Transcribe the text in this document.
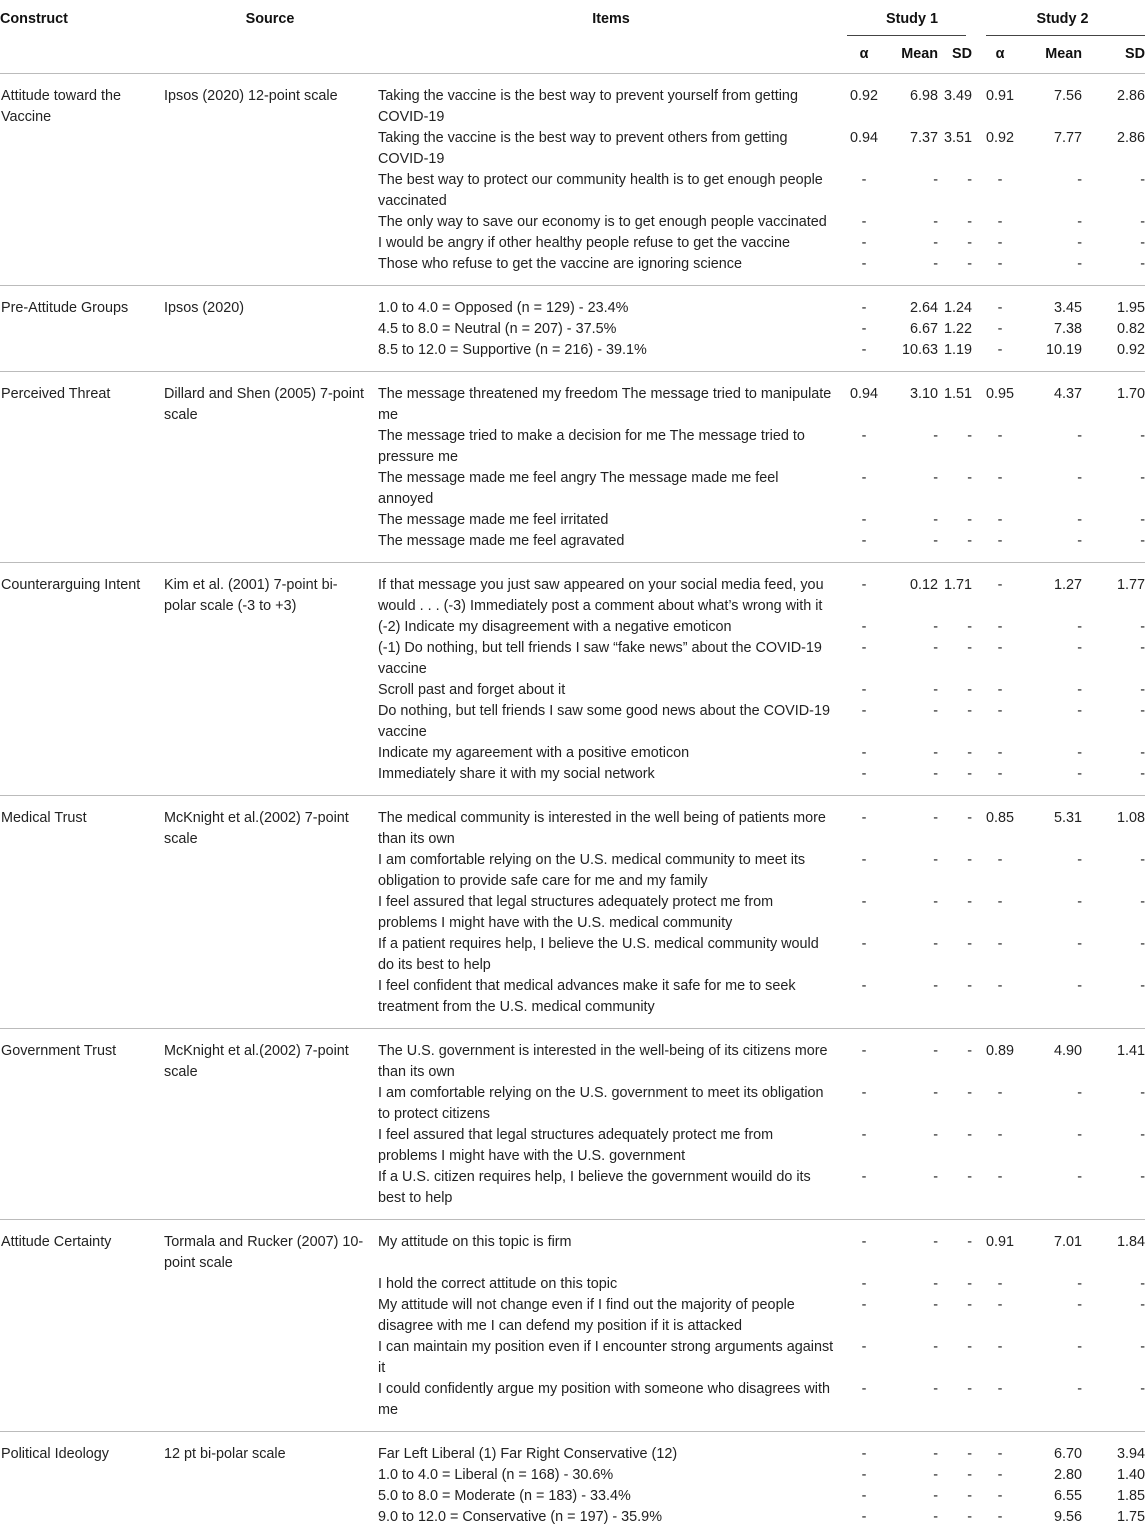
Construct	Source	Items	Study 1			Study 2		

			α	Mean	SD	α	Mean	SD
Attitude toward the Vaccine	Ipsos (2020) 12-point scale	Taking the vaccine is the best way to prevent yourself from getting COVID-19	0.92	6.98	3.49	0.91	7.56	2.86
		Taking the vaccine is the best way to prevent others from getting COVID-19	0.94	7.37	3.51	0.92	7.77	2.86
		The best way to protect our community health is to get enough people vaccinated	-	-	-	-	-	-
		The only way to save our economy is to get enough people vaccinated	-	-	-	-	-	-
		I would be angry if other healthy people refuse to get the vaccine	-	-	-	-	-	-
		Those who refuse to get the vaccine are ignoring science	-	-	-	-	-	-
Pre-Attitude Groups	Ipsos (2020)	1.0 to 4.0 = Opposed (n = 129) - 23.4%	-	2.64	1.24	-	3.45	1.95
		4.5 to 8.0 = Neutral (n = 207) - 37.5%	-	6.67	1.22	-	7.38	0.82
		8.5 to 12.0 = Supportive (n = 216) - 39.1%	-	10.63	1.19	-	10.19	0.92
Perceived Threat	Dillard and Shen (2005) 7-point scale	The message threatened my freedom The message tried to manipulate me	0.94	3.10	1.51	0.95	4.37	1.70
		The message tried to make a decision for me The message tried to pressure me	-	-	-	-	-	-
		The message made me feel angry The message made me feel annoyed	-	-	-	-	-	-
		The message made me feel irritated	-	-	-	-	-	-
		The message made me feel agravated	-	-	-	-	-	-
Counterarguing Intent	Kim et al. (2001) 7-point bi-polar scale (-3 to +3)	If that message you just saw appeared on your social media feed, you would . . . (-3) Immediately post a comment about what’s wrong with it	-	0.12	1.71	-	1.27	1.77
		(-2) Indicate my disagreement with a negative emoticon	-	-	-	-	-	-
		(-1) Do nothing, but tell friends I saw “fake news” about the COVID-19 vaccine	-	-	-	-	-	-
		Scroll past and forget about it	-	-	-	-	-	-
		Do nothing, but tell friends I saw some good news about the COVID-19 vaccine	-	-	-	-	-	-
		Indicate my agareement with a positive emoticon	-	-	-	-	-	-
		Immediately share it with my social network	-	-	-	-	-	-
Medical Trust	McKnight et al.(2002) 7-point scale	The medical community is interested in the well being of patients more than its own	-	-	-	0.85	5.31	1.08
		I am comfortable relying on the U.S. medical community to meet its obligation to provide safe care for me and my family	-	-	-	-	-	-
		I feel assured that legal structures adequately protect me from problems I might have with the U.S. medical community	-	-	-	-	-	-
		If a patient requires help, I believe the U.S. medical community would do its best to help	-	-	-	-	-	-
		I feel confident that medical advances make it safe for me to seek treatment from the U.S. medical community	-	-	-	-	-	-
Government Trust	McKnight et al.(2002) 7-point scale	The U.S. government is interested in the well-being of its citizens more than its own	-	-	-	0.89	4.90	1.41
		I am comfortable relying on the U.S. government to meet its obligation to protect citizens	-	-	-	-	-	-
		I feel assured that legal structures adequately protect me from problems I might have with the U.S. government	-	-	-	-	-	-
		If a U.S. citizen requires help, I believe the government wouild do its best to help	-	-	-	-	-	-
Attitude Certainty	Tormala and Rucker (2007) 10-point scale	My attitude on this topic is firm	-	-	-	0.91	7.01	1.84
		I hold the correct attitude on this topic	-	-	-	-	-	-
		My attitude will not change even if I find out the majority of people disagree with me I can defend my position if it is attacked	-	-	-	-	-	-
		I can maintain my position even if I encounter strong arguments against it	-	-	-	-	-	-
		I could confidently argue my position with someone who disagrees with me	-	-	-	-	-	-
Political Ideology	12 pt bi-polar scale	Far Left Liberal (1) Far Right Conservative (12)	-	-	-	-	6.70	3.94
		1.0 to 4.0 = Liberal (n = 168) - 30.6%	-	-	-	-	2.80	1.40
		5.0 to 8.0 = Moderate (n = 183) - 33.4%	-	-	-	-	6.55	1.85
		9.0 to 12.0 = Conservative (n = 197) - 35.9%	-	-	-	-	9.56	1.75
